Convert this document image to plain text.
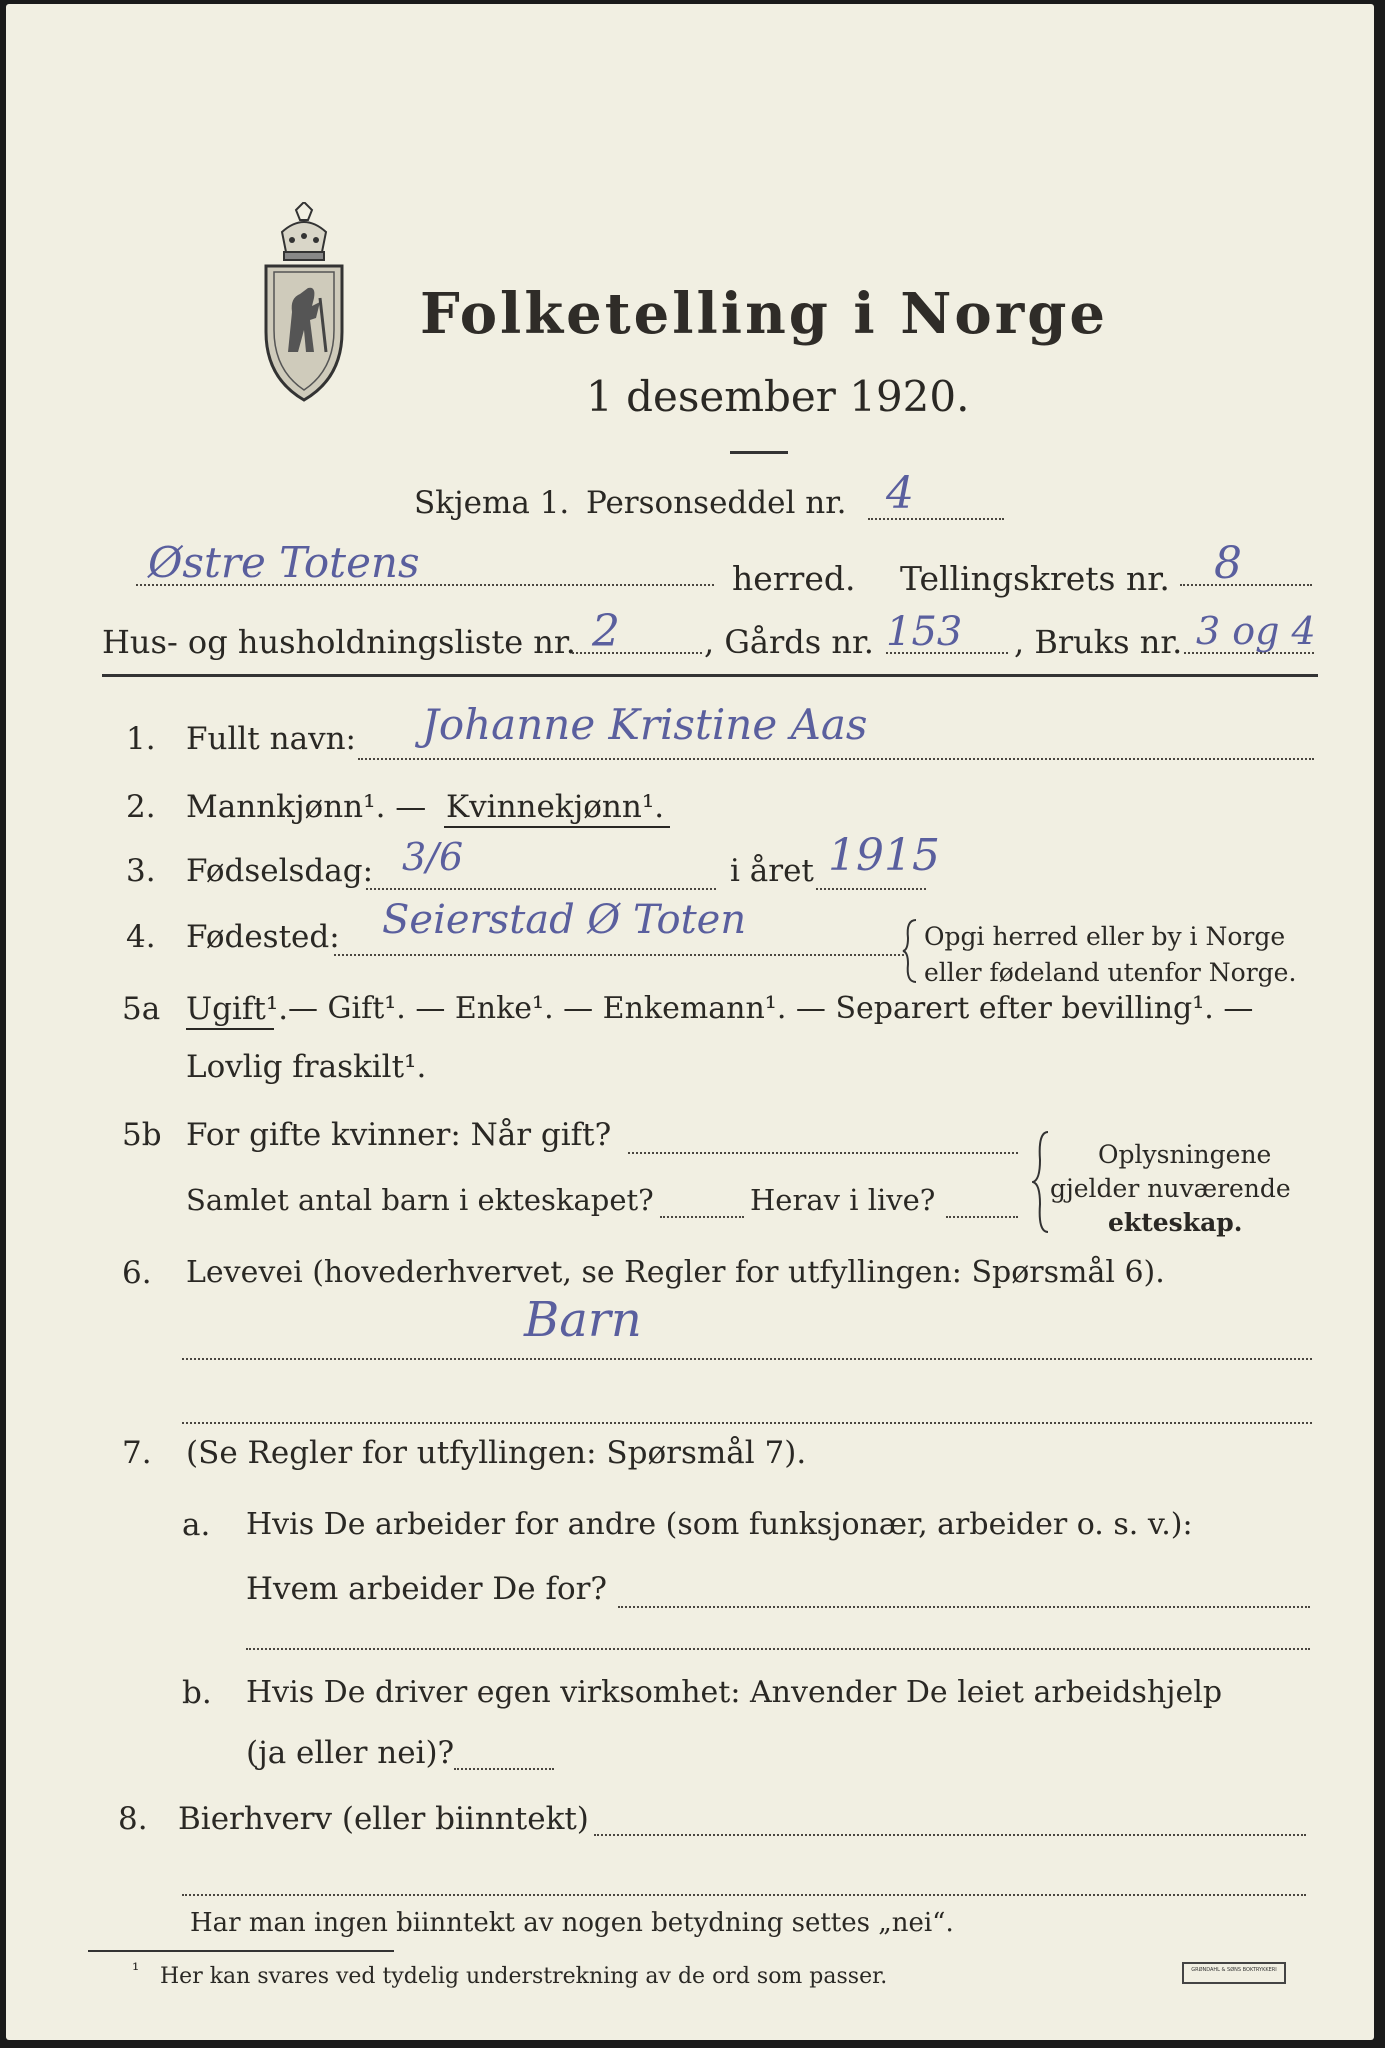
Folketelling i Norge
1 desember 1920.
Skjema 1. Personseddel nr. 4
Østre Totens	herred. Tellingskrets nr. 8
Hus- og husholdningsliste nr. 2	, Gårds nr. 153 , Bruks nr. 3 og 4
1. Fullt navn: Johanne Kristine Aas
2. Mannkjønn¹. — Kvinnekjønn¹.
3. Fødselsdag: 3/6	i året 1915
4. Fødested: Seierstad Ø Toten	Opgi herred eller by i Norge
eller fødeland utenfor Norge.
5a Ugift¹. — Gift¹. — Enke¹. — Enkemann¹. — Separert efter bevilling¹. —
Lovlig fraskilt¹.
5b For gifte kvinner: Når gift?
Samlet antal barn i ekteskapet?	Herav i live?
Oplysningene
gjelder nuværende
ekteskap.
6. Levevei (hovederhvervet, se Regler for utfyllingen: Spørsmål 6).
Barn
7. (Se Regler for utfyllingen: Spørsmål 7).
a. Hvis De arbeider for andre (som funksjonær, arbeider o. s. v.):
Hvem arbeider De for?
b. Hvis De driver egen virksomhet: Anvender De leiet arbeidshjelp
(ja eller nei)?
8. Bierhverv (eller biinntekt)
Har man ingen biinntekt av nogen betydning settes „nei“.
¹ Her kan svares ved tydelig understrekning av de ord som passer.	GRØNDAHL & SØNS BOKTRYKKERI
